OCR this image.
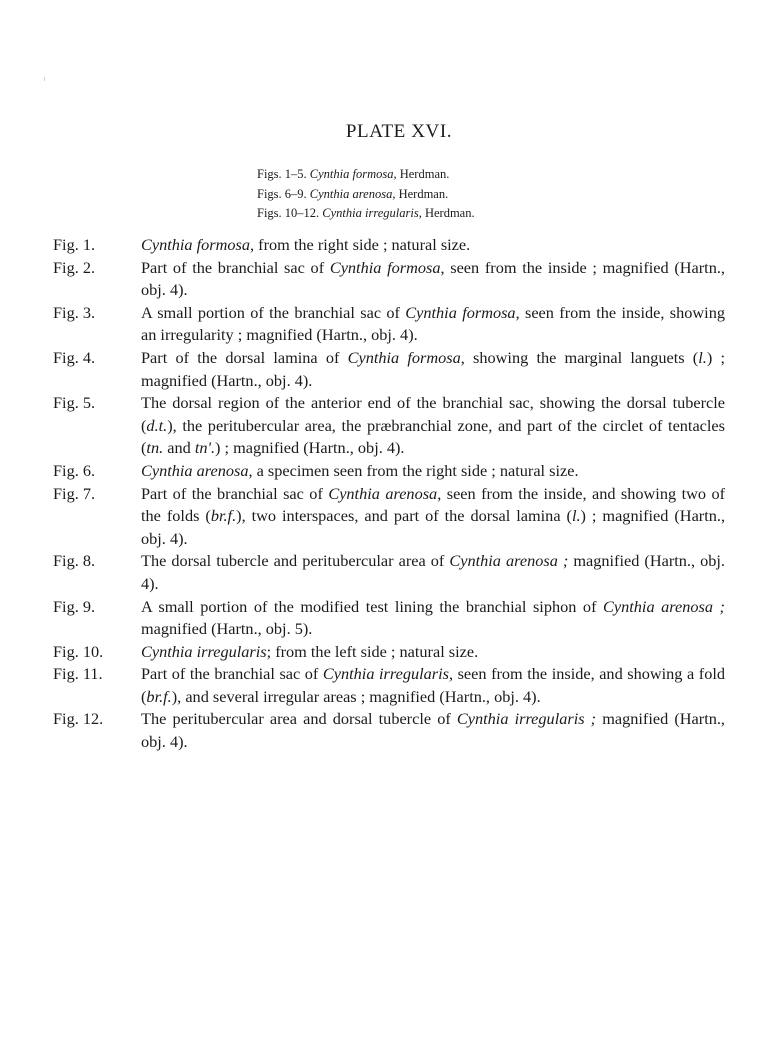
PLATE XVI.
Figs. 1–5. Cynthia formosa, Herdman.
Figs. 6–9. Cynthia arenosa, Herdman.
Figs. 10–12. Cynthia irregularis, Herdman.

Fig. 1.	Cynthia formosa, from the right side ; natural size.

Fig. 2.	Part of the branchial sac of Cynthia formosa, seen from the inside ; magnified (Hartn., obj. 4).

Fig. 3.	A small portion of the branchial sac of Cynthia formosa, seen from the inside, showing an irregularity ; magnified (Hartn., obj. 4).

Fig. 4.	Part of the dorsal lamina of Cynthia formosa, showing the marginal languets (l.) ; magnified (Hartn., obj. 4).

Fig. 5.	The dorsal region of the anterior end of the branchial sac, showing the dorsal tubercle (d.t.), the peritubercular area, the præbranchial zone, and part of the circlet of tentacles (tn. and tn'.) ; magnified (Hartn., obj. 4).

Fig. 6.	Cynthia arenosa, a specimen seen from the right side ; natural size.

Fig. 7.	Part of the branchial sac of Cynthia arenosa, seen from the inside, and showing two of the folds (br.f.), two interspaces, and part of the dorsal lamina (l.) ; magnified (Hartn., obj. 4).

Fig. 8.	The dorsal tubercle and peritubercular area of Cynthia arenosa ; magnified (Hartn., obj. 4).

Fig. 9.	A small portion of the modified test lining the branchial siphon of Cynthia arenosa ; magnified (Hartn., obj. 5).

Fig. 10. Cynthia irregularis; from the left side ; natural size.

Fig. 11. Part of the branchial sac of Cynthia irregularis, seen from the inside, and showing a fold (br.f.), and several irregular areas ; magnified (Hartn., obj. 4).

Fig. 12. The peritubercular area and dorsal tubercle of Cynthia irregularis ; magnified (Hartn., obj. 4).
